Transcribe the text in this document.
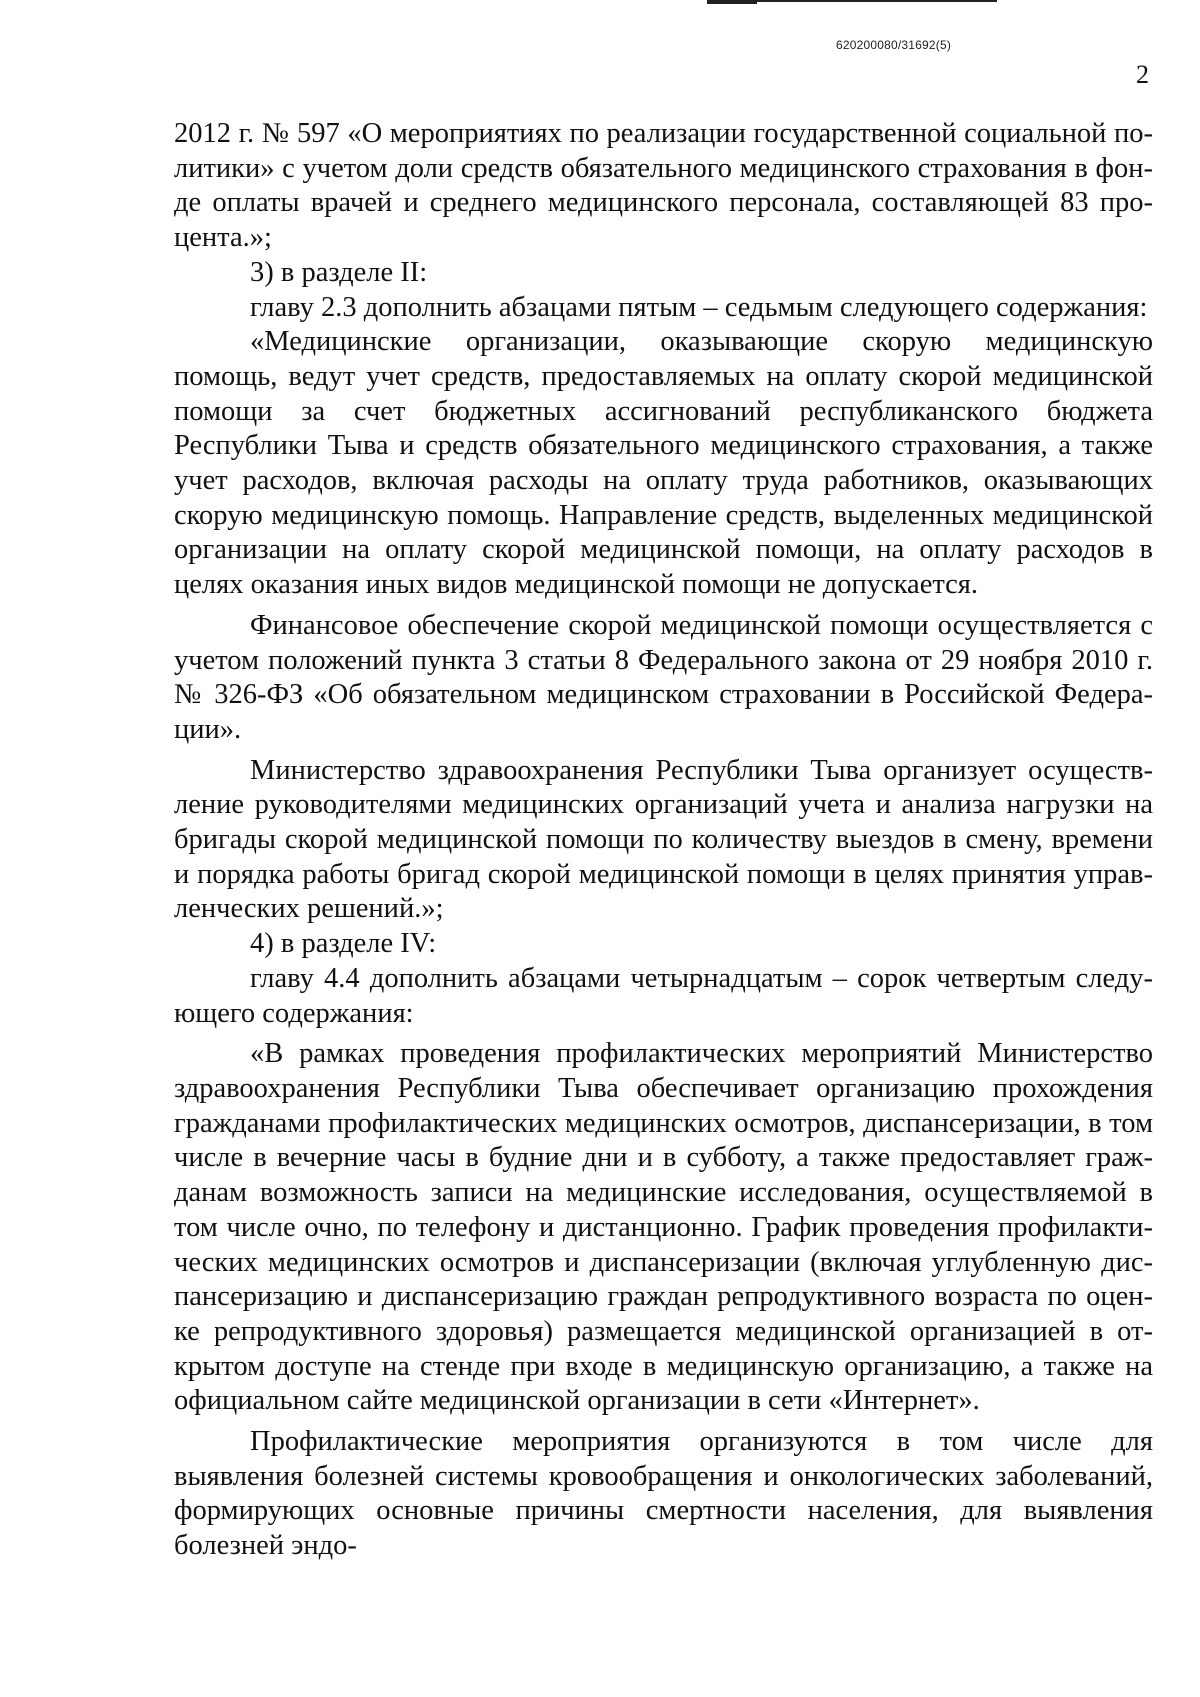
620200080/31692(5)
2

2012 г. № 597 «О мероприятиях по реализации государственной социальной политики» с учетом доли средств обязательного медицинского страхования в фонде оплаты врачей и среднего медицинского персонала, составляющей 83 процента.»;

3) в разделе II:

главу 2.3 дополнить абзацами пятым – седьмым следующего содержания:

«Медицинские организации, оказывающие скорую медицинскую помощь, ведут учет средств, предоставляемых на оплату скорой медицинской помощи за счет бюджетных ассигнований республиканского бюджета Республики Тыва и средств обязательного медицинского страхования, а также учет расходов, включая расходы на оплату труда работников, оказывающих скорую медицинскую помощь. Направление средств, выделенных медицинской организации на оплату скорой медицинской помощи, на оплату расходов в целях оказания иных видов медицинской помощи не допускается.

Финансовое обеспечение скорой медицинской помощи осуществляется с учетом положений пункта 3 статьи 8 Федерального закона от 29 ноября 2010 г. № 326-ФЗ «Об обязательном медицинском страховании в Российской Федерации».

Министерство здравоохранения Республики Тыва организует осуществление руководителями медицинских организаций учета и анализа нагрузки на бригады скорой медицинской помощи по количеству выездов в смену, времени и порядка работы бригад скорой медицинской помощи в целях принятия управленческих решений.»;

4) в разделе IV:

главу 4.4 дополнить абзацами четырнадцатым – сорок четвертым следующего содержания:

«В рамках проведения профилактических мероприятий Министерство здравоохранения Республики Тыва обеспечивает организацию прохождения гражданами профилактических медицинских осмотров, диспансеризации, в том числе в вечерние часы в будние дни и в субботу, а также предоставляет гражданам возможность записи на медицинские исследования, осуществляемой в том числе очно, по телефону и дистанционно. График проведения профилактических медицинских осмотров и диспансеризации (включая углубленную диспансеризацию и диспансеризацию граждан репродуктивного возраста по оценке репродуктивного здоровья) размещается медицинской организацией в открытом доступе на стенде при входе в медицинскую организацию, а также на официальном сайте медицинской организации в сети «Интернет».

Профилактические мероприятия организуются в том числе для выявления болезней системы кровообращения и онкологических заболеваний, формирующих основные причины смертности населения, для выявления болезней эндо-
